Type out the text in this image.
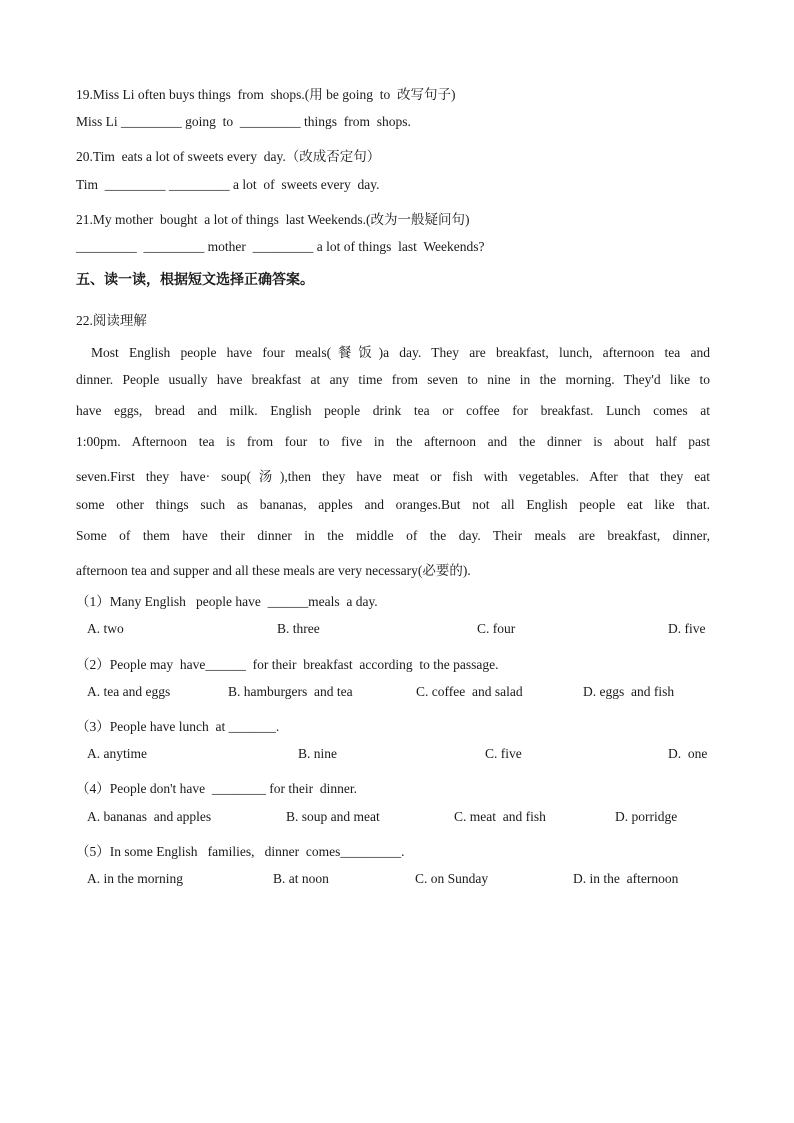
19.Miss Li often buys things  from  shops.(用 be going  to  改写句子)
Miss Li _________ going  to  _________ things  from  shops.
20.Tim  eats a lot of sweets every  day.（改成否定句）
Tim  _________ _________ a lot  of  sweets every  day.
21.My mother  bought  a lot of things  last Weekends.(改为一般疑问句)
_________  _________ mother  _________ a lot of things  last  Weekends?
五、读一读，根据短文选择正确答案。
22.阅读理解
Most English people have four meals(餐饭)a day. They are breakfast, lunch, afternoon tea and
dinner. People usually have breakfast at any time from seven to nine in the morning. They'd like to
have eggs, bread and milk. English people drink tea or coffee for breakfast. Lunch comes at
1:00pm. Afternoon tea is from four to five in the afternoon and the dinner is about half past
seven.First they have· soup(汤),then they have meat or fish with vegetables. After that they eat
some other things such as bananas, apples and oranges.But not all English people eat like that.
Some of them have their dinner in the middle of the day. Their meals are breakfast, dinner,
afternoon tea and supper and all these meals are very necessary(必要的).
（1）Many English   people have  ______meals  a day.
A. two	B. three	C. four	D. five
（2）People may  have______  for their  breakfast  according  to the passage.
A. tea and eggs	B. hamburgers  and tea	C. coffee  and salad	D. eggs  and fish
（3）People have lunch  at _______.
A. anytime	B. nine	C. five	D.  one
（4）People don't have  ________ for their  dinner.
A. bananas  and apples	B. soup and meat	C. meat  and fish	D. porridge
（5）In some English   families,   dinner  comes_________.
A. in the morning	B. at noon	C. on Sunday	D. in the  afternoon
